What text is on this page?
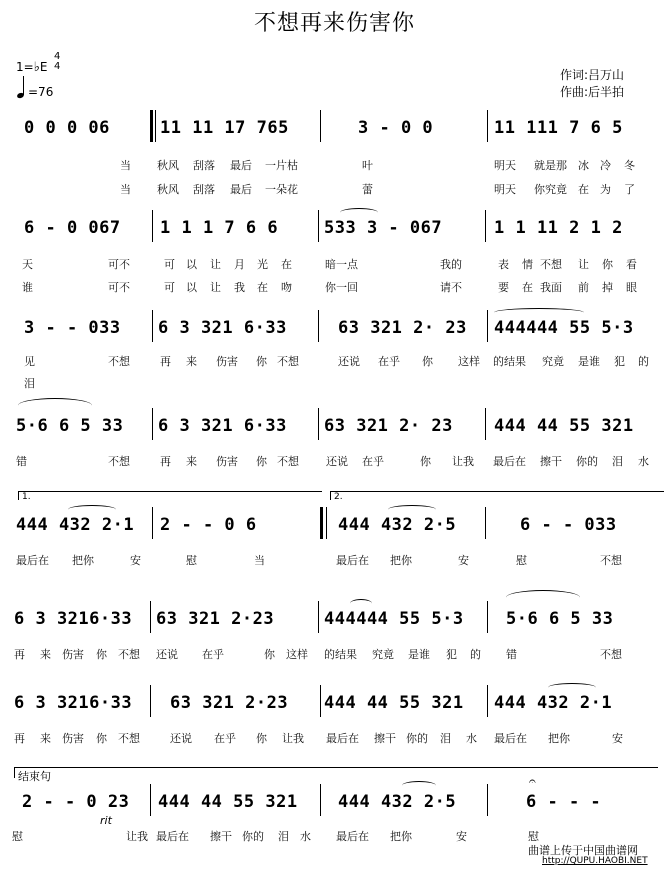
不想再来伤害你
1=♭E
4
4
=76
作词:吕万山
作曲:后半拍
0 0 0 06	11 11 17 765	3 - 0 0	11 111 7 6 5
当 秋风 刮落 最后 一片枯	叶	明天 就是那 冰 冷 冬
当 秋风 刮落 最后 一朵花	蕾	明天 你究竟 在 为 了
6 - 0 067 1 1 1 7 6 6	533 3 - 067	1 1 11 2 1 2
天	可不	可 以 让 月 光 在	暗一点	我的	表 情 不想 让 你 看
谁	可不	可 以 让 我 在 吻	你一回	请不	要 在 我面 前 掉 眼
3 - - 033 6 3 321 6·33	63 321 2· 23 444444 55 5·3
见	不想	再 来 伤害 你 不想	还说 在乎 你 这样 的结果 究竟 是谁 犯 的
泪
5·6 6 5 33 6 3 321 6·33 63 321 2· 23 444 44 55 321
错	不想	再 来 伤害 你 不想 还说 在乎	你 让我 最后在 擦干 你的 泪 水
1.	2.
444 432 2·1 2 - - 0 6	444 432 2·5	6 - - 033
最后在 把你	安	慰	当	最后在 把你	安	慰	不想
6 3 3216·33 63 321 2·23	444444 55 5·3 5·6 6 5 33
再 来 伤害 你 不想 还说 在乎	你 这样 的结果 究竟 是谁 犯 的 错	不想
6 3 3216·33 63 321 2·23 444 44 55 321 444 432 2·1
再 来 伤害 你 不想	还说 在乎 你 让我 最后在 擦干 你的 泪 水 最后在 把你	安
结束句	𝄐
2 - - 0 23 444 44 55 321 444 432 2·5	6 - - -
rit
慰	让我 最后在 擦干 你的 泪 水 最后在 把你	安	慰
曲谱上传于中国曲谱网
http://QUPU.HAOBI.NET
